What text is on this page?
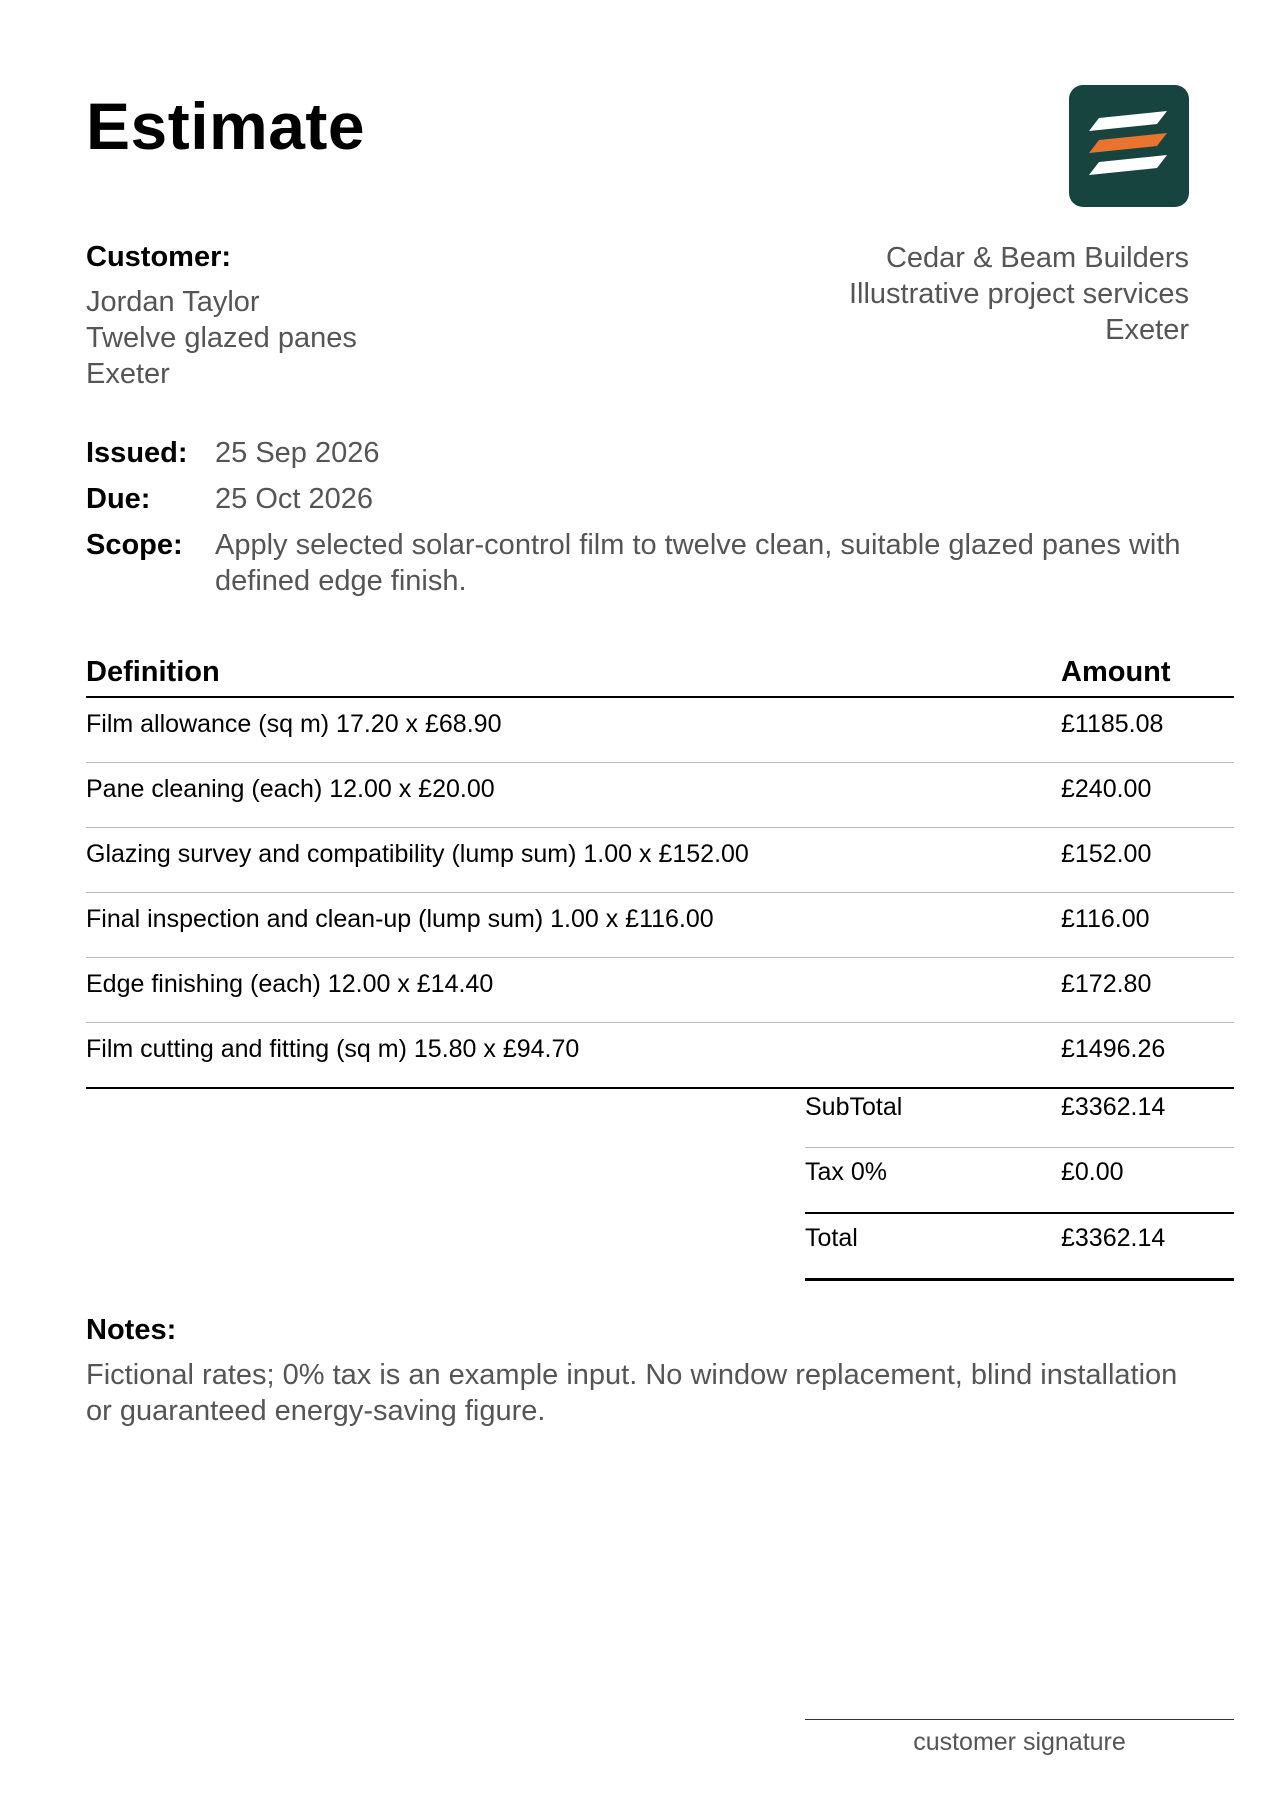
Estimate
Customer:
Jordan Taylor
Twelve glazed panes
Exeter
Cedar & Beam Builders
Illustrative project services
Exeter
Issued: 25 Sep 2026
Due: 25 Oct 2026
Scope: Apply selected solar-control film to twelve clean, suitable glazed panes with defined edge finish.
Definition	Amount
Film allowance (sq m) 17.20 x £68.90	£1185.08
Pane cleaning (each) 12.00 x £20.00	£240.00
Glazing survey and compatibility (lump sum) 1.00 x £152.00	£152.00
Final inspection and clean-up (lump sum) 1.00 x £116.00	£116.00
Edge finishing (each) 12.00 x £14.40	£172.80
Film cutting and fitting (sq m) 15.80 x £94.70	£1496.26
SubTotal	£3362.14
Tax 0%	£0.00
Total	£3362.14
Notes:
Fictional rates; 0% tax is an example input. No window replacement, blind installation or guaranteed energy-saving figure.
customer signature
